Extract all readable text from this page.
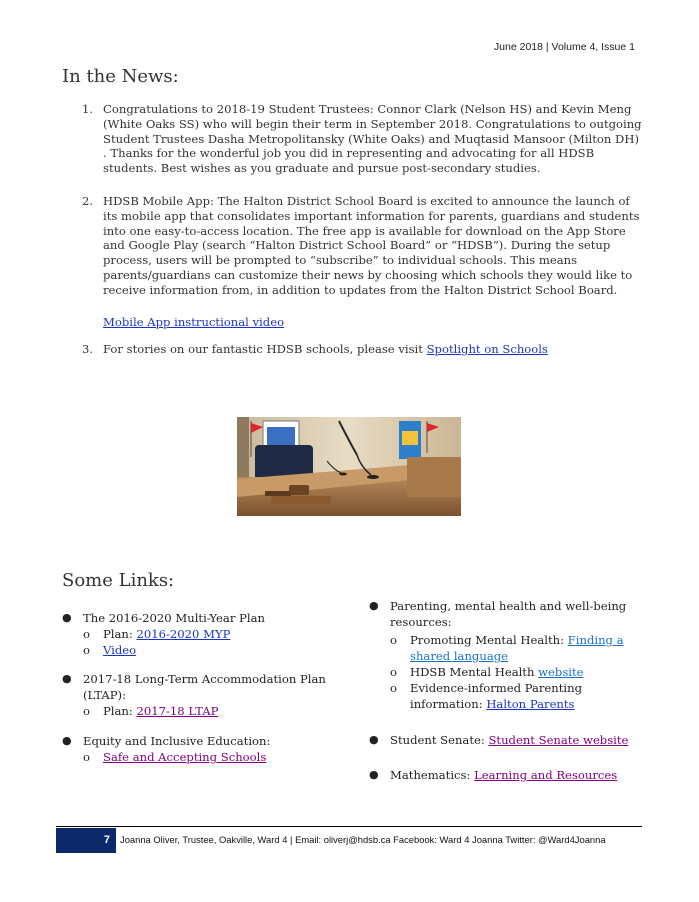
June 2018 | Volume 4, Issue 1
In the News:
1. Congratulations to 2018-19 Student Trustees: Connor Clark (Nelson HS) and Kevin Meng (White Oaks SS) who will begin their term in September 2018. Congratulations to outgoing Student Trustees Dasha Metropolitansky (White Oaks) and Muqtasid Mansoor (Milton DH) . Thanks for the wonderful job you did in representing and advocating for all HDSB students. Best wishes as you graduate and pursue post-secondary studies.
2. HDSB Mobile App: The Halton District School Board is excited to announce the launch of its mobile app that consolidates important information for parents, guardians and students into one easy-to-access location. The free app is available for download on the App Store and Google Play (search “Halton District School Board” or “HDSB”). During the setup process, users will be prompted to “subscribe” to individual schools. This means parents/guardians can customize their news by choosing which schools they would like to receive information from, in addition to updates from the Halton District School Board.
Mobile App instructional video
3. For stories on our fantastic HDSB schools, please visit Spotlight on Schools
Some Links:
● The 2016-2020 Multi-Year Plan
o Plan: 2016-2020 MYP
o Video
● 2017-18 Long-Term Accommodation Plan (LTAP):
o Plan: 2017-18 LTAP
● Equity and Inclusive Education:
o Safe and Accepting Schools
● Parenting, mental health and well-being resources:
o Promoting Mental Health: Finding a shared language
o HDSB Mental Health website
o Evidence-informed Parenting information: Halton Parents
● Student Senate: Student Senate website
● Mathematics: Learning and Resources
7	Joanna Oliver, Trustee, Oakville, Ward 4 | Email: oliverj@hdsb.ca Facebook: Ward 4 Joanna Twitter: @Ward4Joanna
